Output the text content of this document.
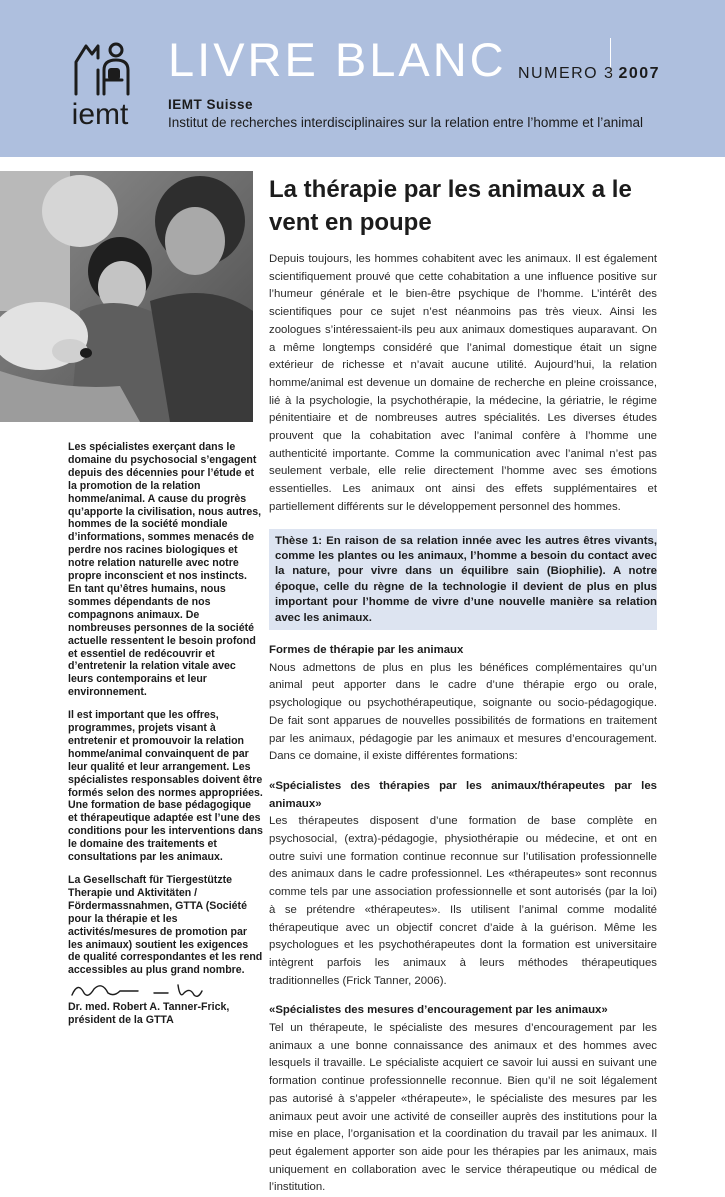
iemt
LIVRE BLANC NUMERO 3 2007
IEMT Suisse
Institut de recherches interdisciplinaires sur la relation entre l’homme et l’animal

Les spécialistes exerçant dans le domaine du psychosocial s’engagent depuis des décennies pour l’étude et la promotion de la relation homme/animal. A cause du progrès qu’apporte la civilisation, nous autres, hommes de la société mondiale d’informations, sommes menacés de perdre nos racines biologiques et notre relation naturelle avec notre propre inconscient et nos instincts. En tant qu’êtres humains, nous sommes dépendants de nos compagnons animaux. De nombreuses personnes de la société actuelle ressentent le besoin profond et essentiel de redécouvrir et d’entretenir la relation vitale avec leurs contemporains et leur environnement.

Il est important que les offres, programmes, projets visant à entretenir et promouvoir la relation homme/animal convainquent de par leur qualité et leur arrangement. Les spécialistes responsables doivent être formés selon des normes appropriées. Une formation de base pédagogique et thérapeutique adaptée est l’une des conditions pour les interventions dans le domaine des traitements et consultations par les animaux.

La Gesellschaft für Tiergestützte Therapie und Aktivitäten / Fördermassnahmen, GTTA (Société pour la thérapie et les activités/mesures de promotion par les animaux) soutient les exigences de qualité correspondantes et les rend accessibles au plus grand nombre.

Dr. med. Robert A. Tanner-Frick,
président de la GTTA
La thérapie par les animaux a le vent en poupe

Depuis toujours, les hommes cohabitent avec les animaux. Il est également scientifiquement prouvé que cette cohabitation a une influence positive sur l’humeur générale et le bien-être psychique de l’homme. L’intérêt des scientifiques pour ce sujet n’est néanmoins pas très vieux. Ainsi les zoologues s’intéressaient-ils peu aux animaux domestiques auparavant. On a même longtemps considéré que l’animal domestique était un signe extérieur de richesse et n’avait aucune utilité. Aujourd’hui, la relation homme/animal est devenue un domaine de recherche en pleine croissance, lié à la psychologie, la psychothérapie, la médecine, la gériatrie, le régime pénitentiaire et de nombreuses autres spécialités. Les diverses études prouvent que la cohabitation avec l’animal confère à l’homme une authenticité importante. Comme la communication avec l’animal n’est pas seulement verbale, elle relie directement l’homme avec ses émotions essentielles. Les animaux ont ainsi des effets supplémentaires et partiellement différents sur le développement personnel des hommes.

Thèse 1: En raison de sa relation innée avec les autres êtres vivants, comme les plantes ou les animaux, l’homme a besoin du contact avec la nature, pour vivre dans un équilibre sain (Biophilie). A notre époque, celle du règne de la technologie il devient de plus en plus important pour l’homme de vivre d’une nouvelle manière sa relation avec les animaux.

Formes de thérapie par les animaux

Nous admettons de plus en plus les bénéfices complémentaires qu’un animal peut apporter dans le cadre d’une thérapie ergo ou orale, psychologique ou psychothérapeutique, soignante ou socio-pédagogique. De fait sont apparues de nouvelles possibilités de formations en traitement par les animaux, pédagogie par les animaux et mesures d’encouragement. Dans ce domaine, il existe différentes formations:

«Spécialistes des thérapies par les animaux/thérapeutes par les animaux»

Les thérapeutes disposent d’une formation de base complète en psychosocial, (extra)-pédagogie, physiothérapie ou médecine, et ont en outre suivi une formation continue reconnue sur l’utilisation professionnelle des animaux dans le cadre professionnel. Les «thérapeutes» sont reconnus comme tels par une association professionnelle et sont autorisés (par la loi) à se prétendre «thérapeutes». Ils utilisent l’animal comme modalité thérapeutique avec un objectif concret d’aide à la guérison. Même les psychologues et les psychothérapeutes dont la formation est universitaire intègrent parfois les animaux à leurs méthodes thérapeutiques traditionnelles (Frick Tanner, 2006).

«Spécialistes des mesures d’encouragement par les animaux»

Tel un thérapeute, le spécialiste des mesures d’encouragement par les animaux a une bonne connaissance des animaux et des hommes avec lesquels il travaille. Le spécialiste acquiert ce savoir lui aussi en suivant une formation continue professionnelle reconnue. Bien qu’il ne soit légalement pas autorisé à s’appeler «thérapeute», le spécialiste des mesures par les animaux peut avoir une activité de conseiller auprès des institutions pour la mise en place, l’organisation et la coordination du travail par les animaux. Il peut également apporter son aide pour les thérapies par les animaux, mais uniquement en collaboration avec le service thérapeutique ou médical de l’institution.
